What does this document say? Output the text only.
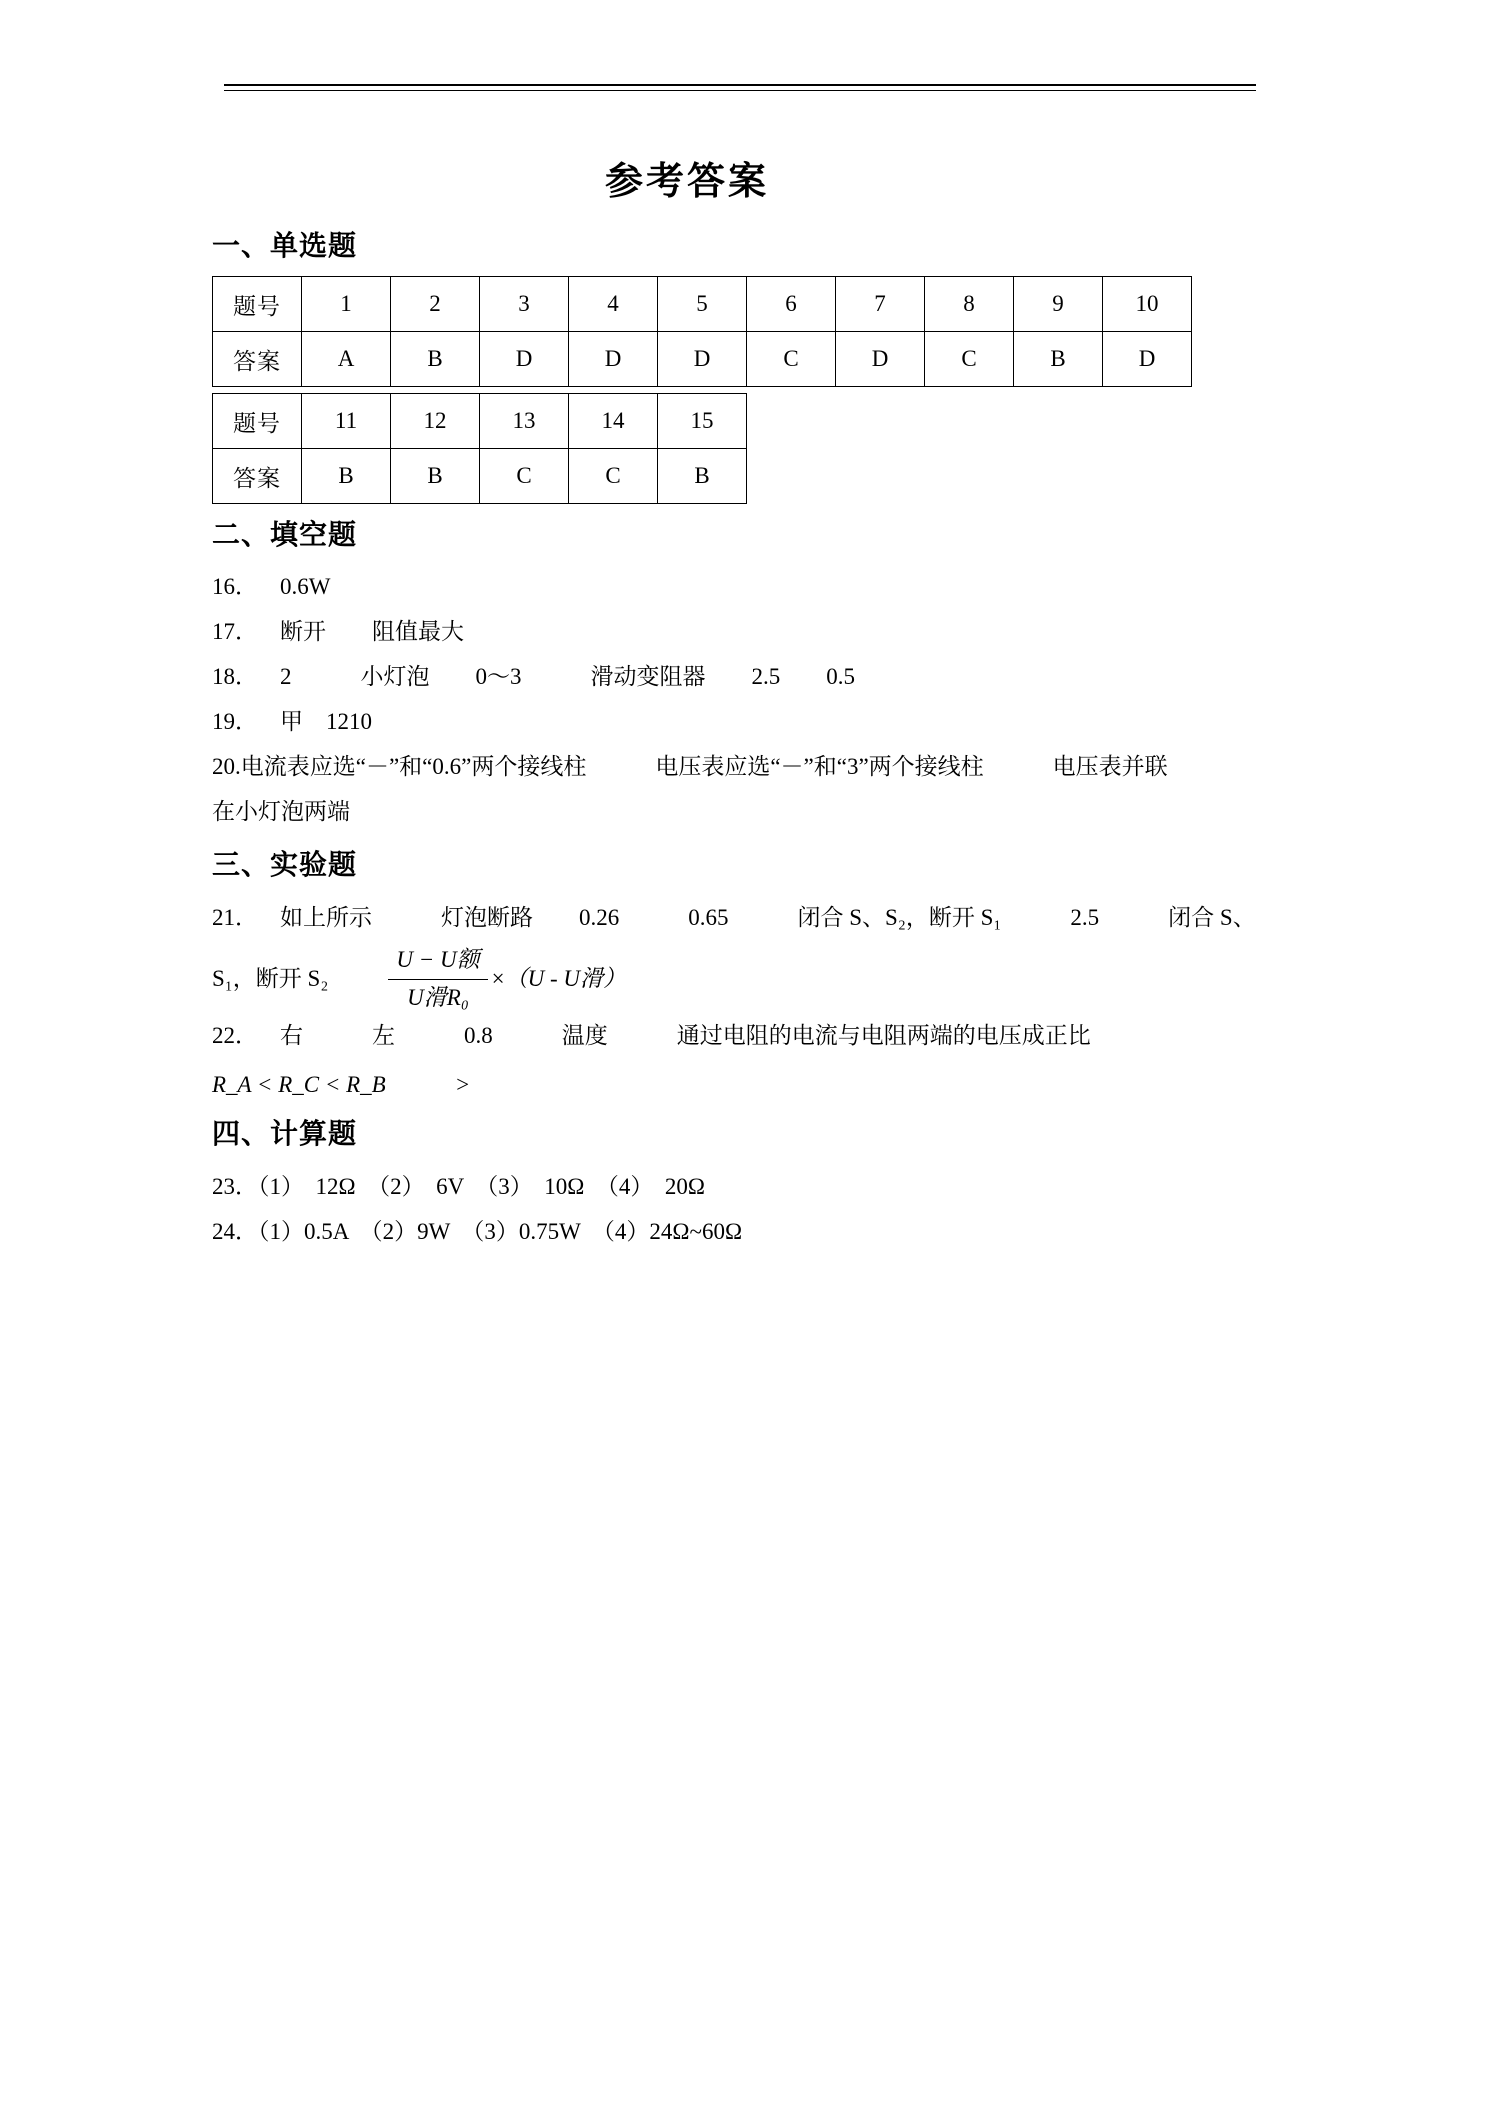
参考答案
一、单选题
题号	1	2	3	4	5	6	7	8	9	10
答案	A	B	D	D	D	C	D	C	B	D
题号	11	12	13	14	15
答案	B	B	C	C	B
二、填空题
16． 0.6W
17． 断开　　阻值最大
18． 2　　　小灯泡　　0～3　　　滑动变阻器　　2.5　　0.5
19． 甲　1210
20.电流表应选“－”和“0.6”两个接线柱　　　电压表应选“－”和“3”两个接线柱　　　电压表并联
在小灯泡两端
三、实验题
21． 如上所示　　　灯泡断路　　0.26　　　0.65　　　闭合 S、S₂，断开 S₁　　　2.5　　　闭合 S、
S₁，断开 S₂	$\frac{\text{U − U额}}{\text{U滑R₀}} \times (U - U$滑）
22． 右　　　左　　　0.8　　　温度　　　通过电阻的电流与电阻两端的电压成正比
R_A < R_C < R_B　　　>
四、计算题
23．（1）　12Ω　（2）　6V　（3）　10Ω　（4）　20Ω
24．（1）0.5A　（2）9W　（3）0.75W　（4）24Ω~60Ω
